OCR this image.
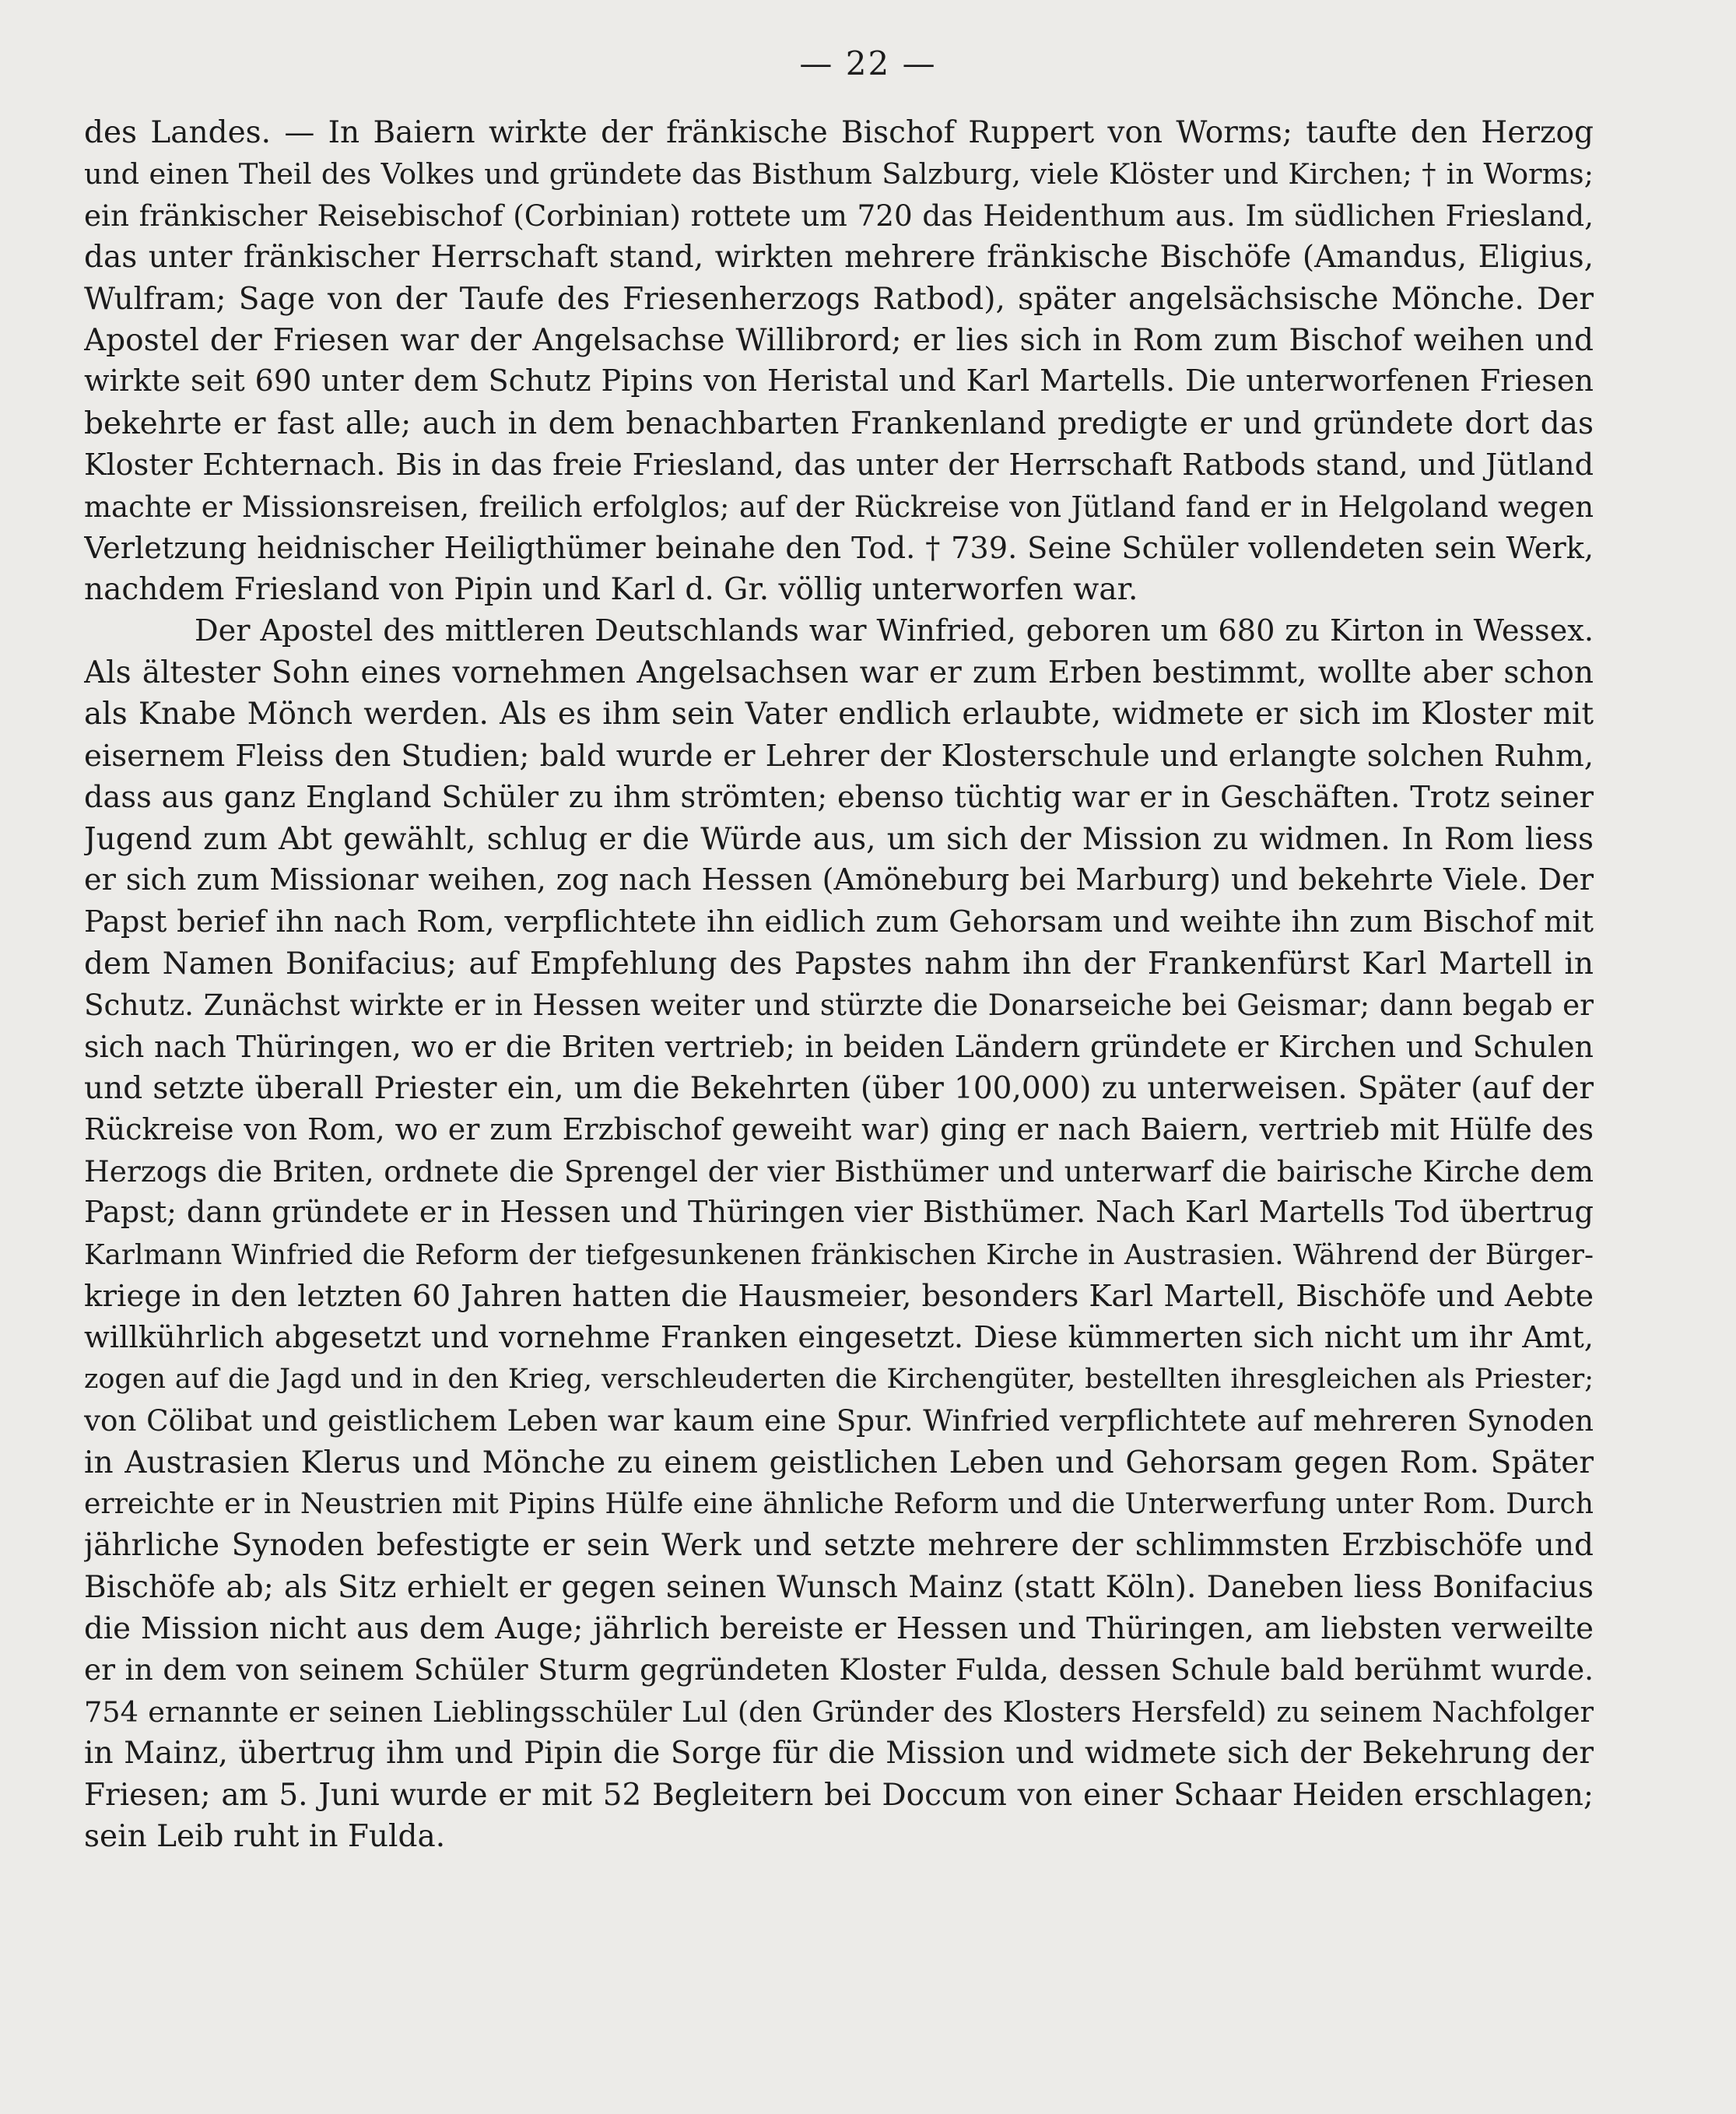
— 22 —
des Landes. — In Baiern wirkte der fränkische Bischof Ruppert von Worms; taufte den Herzog
und einen Theil des Volkes und gründete das Bisthum Salzburg, viele Klöster und Kirchen; † in Worms;
ein fränkischer Reisebischof (Corbinian) rottete um 720 das Heidenthum aus. Im südlichen Friesland,
das unter fränkischer Herrschaft stand, wirkten mehrere fränkische Bischöfe (Amandus, Eligius,
Wulfram; Sage von der Taufe des Friesenherzogs Ratbod), später angelsächsische Mönche. Der
Apostel der Friesen war der Angelsachse Willibrord; er lies sich in Rom zum Bischof weihen und
wirkte seit 690 unter dem Schutz Pipins von Heristal und Karl Martells. Die unterworfenen Friesen
bekehrte er fast alle; auch in dem benachbarten Frankenland predigte er und gründete dort das
Kloster Echternach. Bis in das freie Friesland, das unter der Herrschaft Ratbods stand, und Jütland
machte er Missionsreisen, freilich erfolglos; auf der Rückreise von Jütland fand er in Helgoland wegen
Verletzung heidnischer Heiligthümer beinahe den Tod. † 739. Seine Schüler vollendeten sein Werk,
nachdem Friesland von Pipin und Karl d. Gr. völlig unterworfen war.
Der Apostel des mittleren Deutschlands war Winfried, geboren um 680 zu Kirton in Wessex.
Als ältester Sohn eines vornehmen Angelsachsen war er zum Erben bestimmt, wollte aber schon
als Knabe Mönch werden. Als es ihm sein Vater endlich erlaubte, widmete er sich im Kloster mit
eisernem Fleiss den Studien; bald wurde er Lehrer der Klosterschule und erlangte solchen Ruhm,
dass aus ganz England Schüler zu ihm strömten; ebenso tüchtig war er in Geschäften. Trotz seiner
Jugend zum Abt gewählt, schlug er die Würde aus, um sich der Mission zu widmen. In Rom liess
er sich zum Missionar weihen, zog nach Hessen (Amöneburg bei Marburg) und bekehrte Viele. Der
Papst berief ihn nach Rom, verpflichtete ihn eidlich zum Gehorsam und weihte ihn zum Bischof mit
dem Namen Bonifacius; auf Empfehlung des Papstes nahm ihn der Frankenfürst Karl Martell in
Schutz. Zunächst wirkte er in Hessen weiter und stürzte die Donarseiche bei Geismar; dann begab er
sich nach Thüringen, wo er die Briten vertrieb; in beiden Ländern gründete er Kirchen und Schulen
und setzte überall Priester ein, um die Bekehrten (über 100,000) zu unterweisen. Später (auf der
Rückreise von Rom, wo er zum Erzbischof geweiht war) ging er nach Baiern, vertrieb mit Hülfe des
Herzogs die Briten, ordnete die Sprengel der vier Bisthümer und unterwarf die bairische Kirche dem
Papst; dann gründete er in Hessen und Thüringen vier Bisthümer. Nach Karl Martells Tod übertrug
Karlmann Winfried die Reform der tiefgesunkenen fränkischen Kirche in Austrasien. Während der Bürger-
kriege in den letzten 60 Jahren hatten die Hausmeier, besonders Karl Martell, Bischöfe und Aebte
willkührlich abgesetzt und vornehme Franken eingesetzt. Diese kümmerten sich nicht um ihr Amt,
zogen auf die Jagd und in den Krieg, verschleuderten die Kirchengüter, bestellten ihresgleichen als Priester;
von Cölibat und geistlichem Leben war kaum eine Spur. Winfried verpflichtete auf mehreren Synoden
in Austrasien Klerus und Mönche zu einem geistlichen Leben und Gehorsam gegen Rom. Später
erreichte er in Neustrien mit Pipins Hülfe eine ähnliche Reform und die Unterwerfung unter Rom. Durch
jährliche Synoden befestigte er sein Werk und setzte mehrere der schlimmsten Erzbischöfe und
Bischöfe ab; als Sitz erhielt er gegen seinen Wunsch Mainz (statt Köln). Daneben liess Bonifacius
die Mission nicht aus dem Auge; jährlich bereiste er Hessen und Thüringen, am liebsten verweilte
er in dem von seinem Schüler Sturm gegründeten Kloster Fulda, dessen Schule bald berühmt wurde.
754 ernannte er seinen Lieblingsschüler Lul (den Gründer des Klosters Hersfeld) zu seinem Nachfolger
in Mainz, übertrug ihm und Pipin die Sorge für die Mission und widmete sich der Bekehrung der
Friesen; am 5. Juni wurde er mit 52 Begleitern bei Doccum von einer Schaar Heiden erschlagen;
sein Leib ruht in Fulda.
